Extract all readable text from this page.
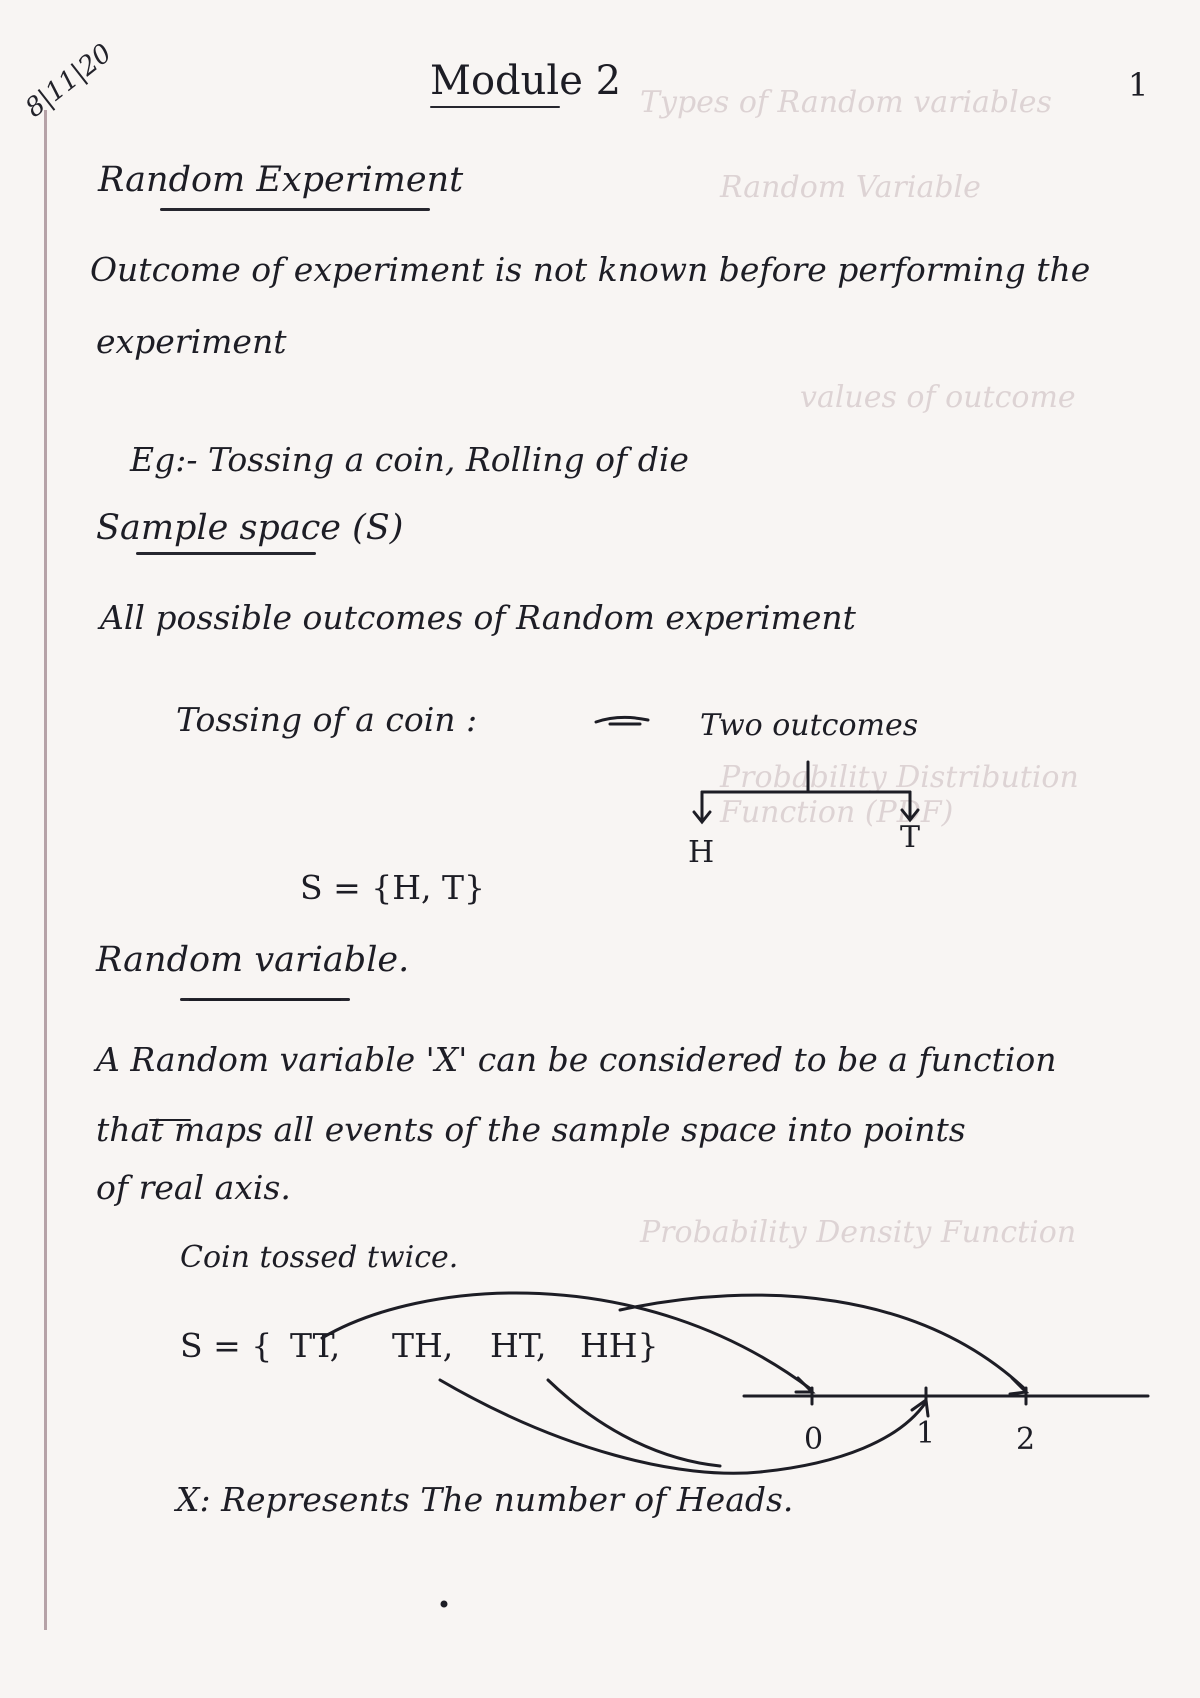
Types of Random variables
Random Variable
values of outcome
Probability Distribution Function (PDF)
Probability Density Function
8|11|20	Module 2	1
Random Experiment
Outcome of experiment is not known before performing the
experiment
Eg:- Tossing a coin, Rolling of die
Sample space (S)
All possible outcomes of Random experiment
Tossing of a coin :	Two outcomes
H	T
S = {H, T}
Random variable.
A Random variable 'X' can be considered to be a function
that maps all events of the sample space into points
of real axis.
Coin tossed twice.
S = { TT, TH, HT, HH}
0	1	2
X: Represents The number of Heads.
